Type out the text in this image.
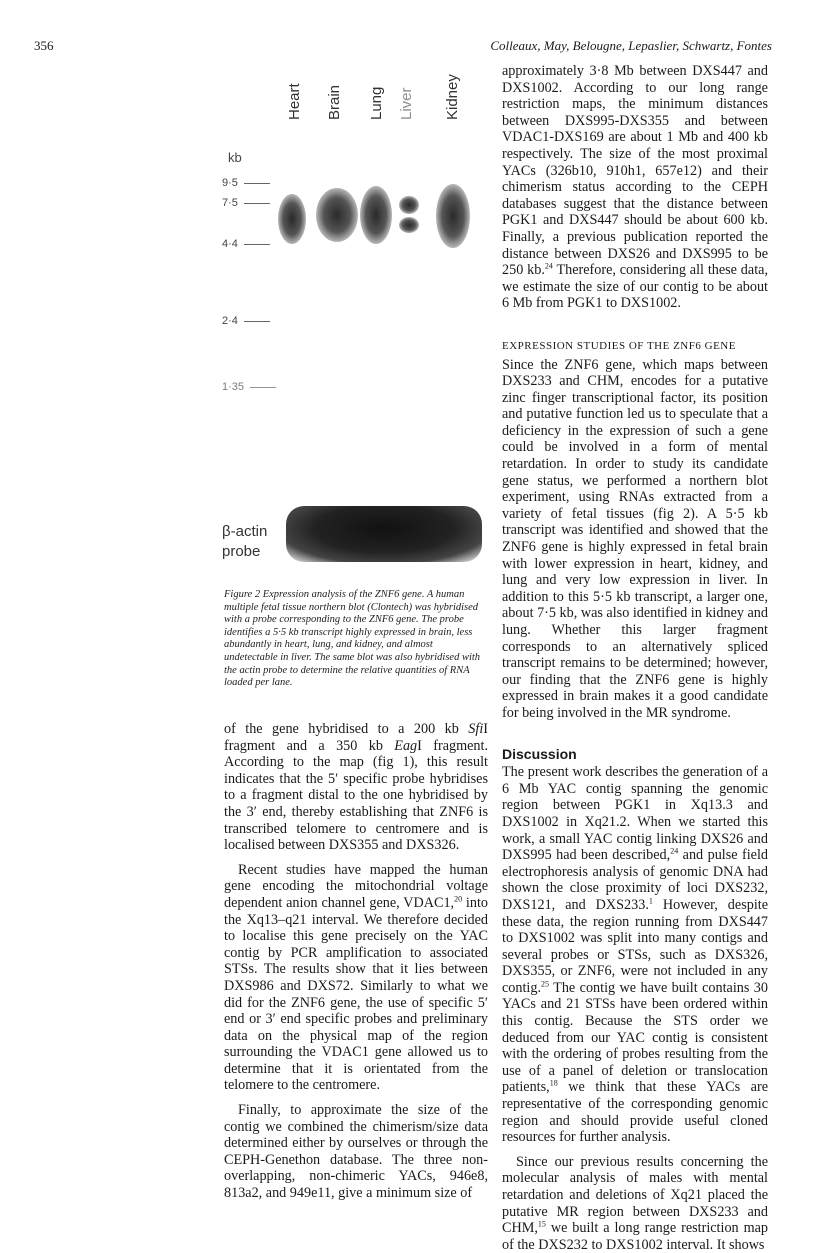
356	Colleaux, May, Belougne, Lepaslier, Schwartz, Fontes
Heart Brain Lung Liver Kidney
kb
9·5
7·5
4·4
2·4
1·35
β-actin
probe
Figure 2 Expression analysis of the ZNF6 gene. A human multiple fetal tissue northern blot (Clontech) was hybridised with a probe corresponding to the ZNF6 gene. The probe identifies a 5·5 kb transcript highly expressed in brain, less abundantly in heart, lung, and kidney, and almost undetectable in liver. The same blot was also hybridised with the actin probe to determine the relative quantities of RNA loaded per lane.

of the gene hybridised to a 200 kb SfiI fragment and a 350 kb EagI fragment. According to the map (fig 1), this result indicates that the 5′ specific probe hybridises to a fragment distal to the one hybridised by the 3′ end, thereby establishing that ZNF6 is transcribed telomere to centromere and is localised between DXS355 and DXS326.

Recent studies have mapped the human gene encoding the mitochondrial voltage dependent anion channel gene, VDAC1,20 into the Xq13–q21 interval. We therefore decided to localise this gene precisely on the YAC contig by PCR amplification to associated STSs. The results show that it lies between DXS986 and DXS72. Similarly to what we did for the ZNF6 gene, the use of specific 5′ end or 3′ end specific probes and preliminary data on the physical map of the region surrounding the VDAC1 gene allowed us to determine that it is orientated from the telomere to the centromere.

Finally, to approximate the size of the contig we combined the chimerism/size data determined either by ourselves or through the CEPH-Genethon database. The three non-overlapping, non-chimeric YACs, 946e8, 813a2, and 949e11, give a minimum size of

approximately 3·8 Mb between DXS447 and DXS1002. According to our long range restriction maps, the minimum distances between DXS995-DXS355 and between VDAC1-DXS169 are about 1 Mb and 400 kb respectively. The size of the most proximal YACs (326b10, 910h1, 657e12) and their chimerism status according to the CEPH databases suggest that the distance between PGK1 and DXS447 should be about 600 kb. Finally, a previous publication reported the distance between DXS26 and DXS995 to be 250 kb.$^{24}$ Therefore, considering all these data, we estimate the size of our contig to be about 6 Mb from PGK1 to DXS1002.

EXPRESSION STUDIES OF THE ZNF6 GENE

Since the ZNF6 gene, which maps between DXS233 and CHM, encodes for a putative zinc finger transcriptional factor, its position and putative function led us to speculate that a deficiency in the expression of such a gene could be involved in a form of mental retardation. In order to study its candidate gene status, we performed a northern blot experiment, using RNAs extracted from a variety of fetal tissues (fig 2). A 5·5 kb transcript was identified and showed that the ZNF6 gene is highly expressed in fetal brain with lower expression in heart, kidney, and lung and very low expression in liver. In addition to this 5·5 kb transcript, a larger one, about 7·5 kb, was also identified in kidney and lung. Whether this larger fragment corresponds to an alternatively spliced transcript remains to be determined; however, our finding that the ZNF6 gene is highly expressed in brain makes it a good candidate for being involved in the MR syndrome.

Discussion

The present work describes the generation of a 6 Mb YAC contig spanning the genomic region between PGK1 in Xq13.3 and DXS1002 in Xq21.2. When we started this work, a small YAC contig linking DXS26 and DXS995 had been described,$^{24}$ and pulse field electrophoresis analysis of genomic DNA had shown the close proximity of loci DXS232, DXS121, and DXS233.$^1$ However, despite these data, the region running from DXS447 to DXS1002 was split into many contigs and several probes or STSs, such as DXS326, DXS355, or ZNF6, were not included in any contig.$^{25}$ The contig we have built contains 30 YACs and 21 STSs have been ordered within this contig. Because the STS order we deduced from our YAC contig is consistent with the ordering of probes resulting from the use of a panel of deletion or translocation patients,$^{18}$ we think that these YACs are representative of the corresponding genomic region and should provide useful cloned resources for further analysis.

Since our previous results concerning the molecular analysis of males with mental retardation and deletions of Xq21 placed the putative MR region between DXS233 and CHM,$^{15}$ we built a long range restriction map of the DXS232 to DXS1002 interval. It shows
